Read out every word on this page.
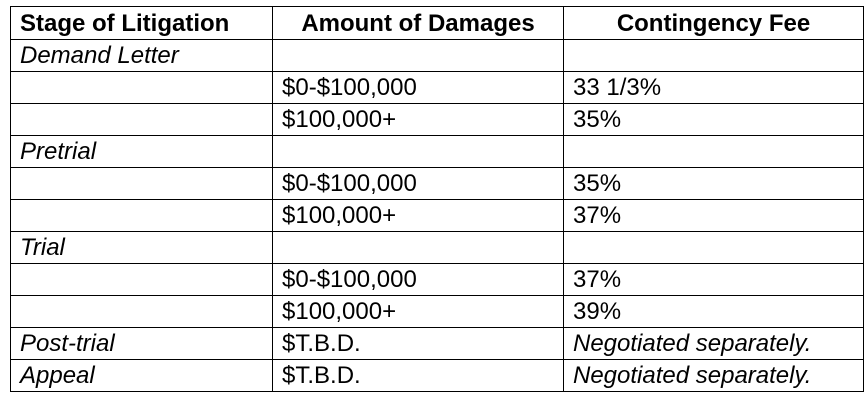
Stage of Litigation	Amount of Damages	Contingency Fee
Demand Letter		
	$0-$100,000	33 1/3%
	$100,000+	35%
Pretrial		
	$0-$100,000	35%
	$100,000+	37%
Trial		
	$0-$100,000	37%
	$100,000+	39%
Post-trial	$T.B.D.	Negotiated separately.
Appeal	$T.B.D.	Negotiated separately.
